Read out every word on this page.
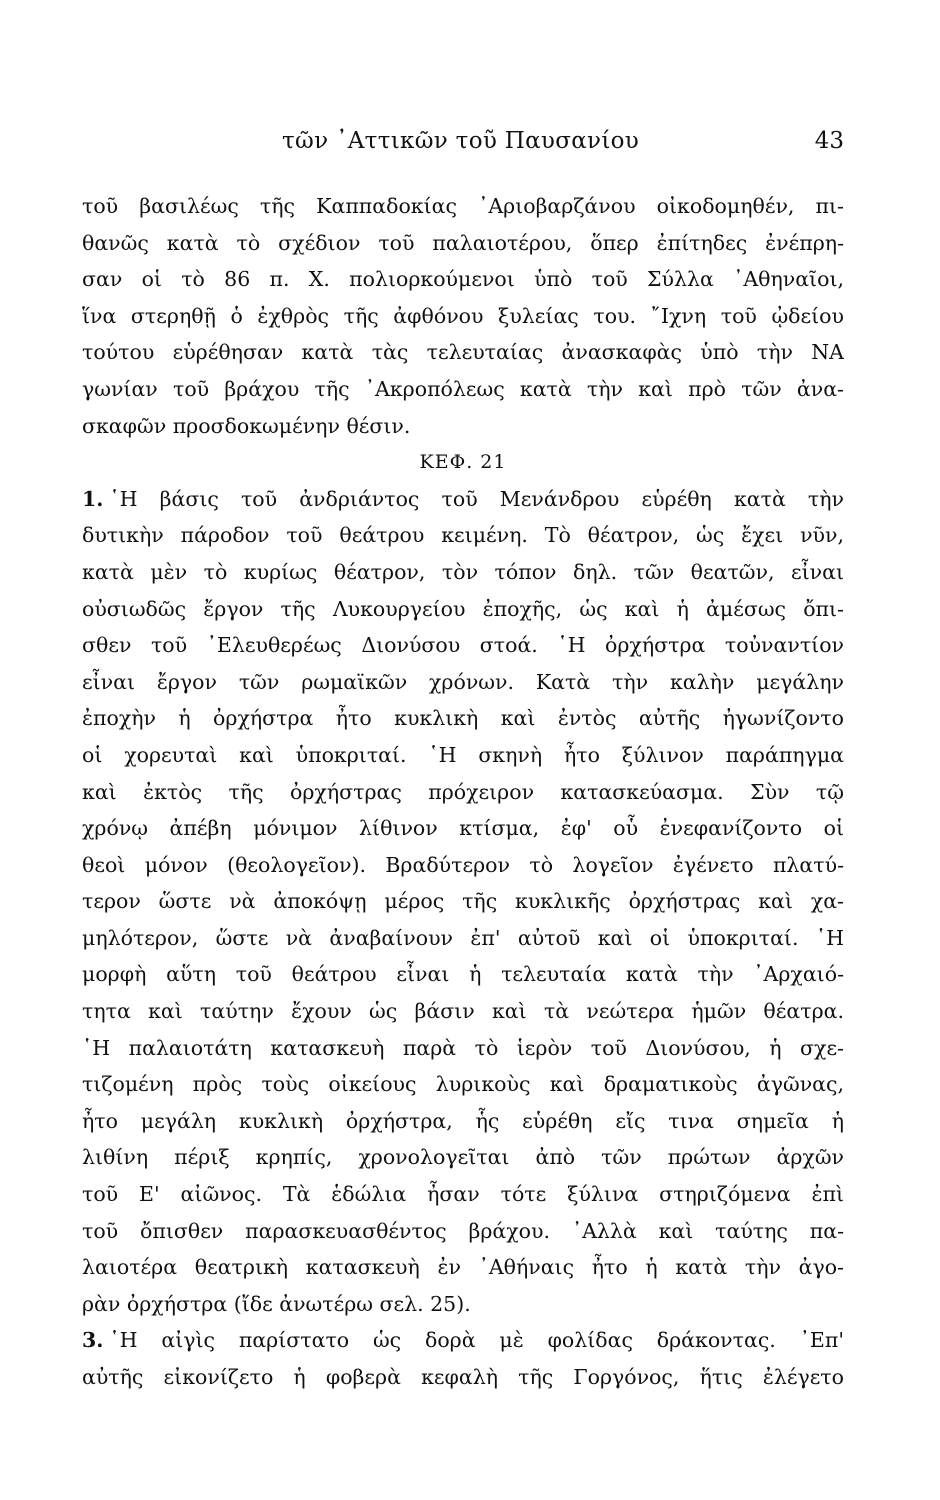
τῶν ᾿Αττικῶν τοῦ Παυσανίου	43
τοῦ βασιλέως τῆς Καππαδοκίας ᾿Αριοβαρζάνου οἰκοδομηθέν, πι-
θανῶς κατὰ τὸ σχέδιον τοῦ παλαιοτέρου, ὅπερ ἐπίτηδες ἐνέπρη-
σαν οἱ τὸ 86 π. Χ. πολιορκούμενοι ὑπὸ τοῦ Σύλλα ᾿Αθηναῖοι,
ἵνα στερηθῇ ὁ ἐχθρὸς τῆς ἀφθόνου ξυλείας του. ῎Ιχνη τοῦ ᾠδείου
τούτου εὑρέθησαν κατὰ τὰς τελευταίας ἀνασκαφὰς ὑπὸ τὴν ΝΑ
γωνίαν τοῦ βράχου τῆς ᾿Ακροπόλεως κατὰ τὴν καὶ πρὸ τῶν ἀνα-
σκαφῶν προσδοκωμένην θέσιν.
ΚΕΦ. 21
1. ῾Η βάσις τοῦ ἀνδριάντος τοῦ Μενάνδρου εὑρέθη κατὰ τὴν
δυτικὴν πάροδον τοῦ θεάτρου κειμένη. Τὸ θέατρον, ὡς ἔχει νῦν,
κατὰ μὲν τὸ κυρίως θέατρον, τὸν τόπον δηλ. τῶν θεατῶν, εἶναι
οὐσιωδῶς ἔργον τῆς Λυκουργείου ἐποχῆς, ὡς καὶ ἡ ἀμέσως ὄπι-
σθεν τοῦ ᾿Ελευθερέως Διονύσου στοά. ῾Η ὀρχήστρα τοὐναντίον
εἶναι ἔργον τῶν ρωμαϊκῶν χρόνων. Κατὰ τὴν καλὴν μεγάλην
ἐποχὴν ἡ ὀρχήστρα ἦτο κυκλικὴ καὶ ἐντὸς αὐτῆς ἠγωνίζοντο
οἱ χορευταὶ καὶ ὑποκριταί. ῾Η σκηνὴ ἦτο ξύλινον παράπηγμα
καὶ ἐκτὸς τῆς ὀρχήστρας πρόχειρον κατασκεύασμα. Σὺν τῷ
χρόνῳ ἀπέβη μόνιμον λίθινον κτίσμα, ἐφ' οὗ ἐνεφανίζοντο οἱ
θεοὶ μόνον (θεολογεῖον). Βραδύτερον τὸ λογεῖον ἐγένετο πλατύ-
τερον ὥστε νὰ ἀποκόψῃ μέρος τῆς κυκλικῆς ὀρχήστρας καὶ χα-
μηλότερον, ὥστε νὰ ἀναβαίνουν ἐπ' αὐτοῦ καὶ οἱ ὑποκριταί. ῾Η
μορφὴ αὕτη τοῦ θεάτρου εἶναι ἡ τελευταία κατὰ τὴν ᾿Αρχαιό-
τητα καὶ ταύτην ἔχουν ὡς βάσιν καὶ τὰ νεώτερα ἡμῶν θέατρα.
῾Η παλαιοτάτη κατασκευὴ παρὰ τὸ ἱερὸν τοῦ Διονύσου, ἡ σχε-
τιζομένη πρὸς τοὺς οἰκείους λυρικοὺς καὶ δραματικοὺς ἀγῶνας,
ἦτο μεγάλη κυκλικὴ ὀρχήστρα, ἧς εὑρέθη εἴς τινα σημεῖα ἡ
λιθίνη πέριξ κρηπίς, χρονολογεῖται ἀπὸ τῶν πρώτων ἀρχῶν
τοῦ Ε' αἰῶνος. Τὰ ἑδώλια ἦσαν τότε ξύλινα στηριζόμενα ἐπὶ
τοῦ ὄπισθεν παρασκευασθέντος βράχου. ᾿Αλλὰ καὶ ταύτης πα-
λαιοτέρα θεατρικὴ κατασκευὴ ἐν ᾿Αθήναις ἦτο ἡ κατὰ τὴν ἀγο-
ρὰν ὀρχήστρα (ἴδε ἀνωτέρω σελ. 25).
3. ῾Η αἰγὶς παρίστατο ὡς δορὰ μὲ φολίδας δράκοντας. ᾿Επ'
αὐτῆς εἰκονίζετο ἡ φοβερὰ κεφαλὴ τῆς Γοργόνος, ἥτις ἐλέγετο
